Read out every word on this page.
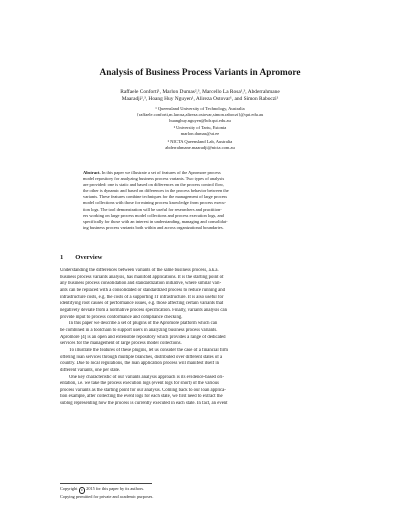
Analysis of Business Process Variants in Apromore
Raffaele Conforti¹, Marlon Dumas²,³, Marcello La Rosa¹,³, Abderrahmane
Maaradji²,³, Hoang Huy Nguyen¹, Alireza Ostovar¹, and Simon Raboczi¹
¹ Queensland University of Technology, Australia
{raffaele.conforti,m.larosa,alireza.ostovar,simon.raboczi}@qut.edu.au
huanghuy.nguyen@hdr.qut.edu.au
² University of Tartu, Estonia
marlon.dumas@ut.ee
³ NICTA Queensland Lab, Australia
abderrahmane.maaradji@nicta.com.au
Abstract. In this paper we illustrate a set of features of the Apromore process
model repository for analyzing business process variants. Two types of analysis
are provided: one is static and based on differences on the process control flow,
the other is dynamic and based on differences in the process behavior between the
variants. These features combine techniques for the management of large process
model collections with those for mining process knowledge from process execu-
tion logs. The tool demonstration will be useful for researchers and practition-
ers working on large process model collections and process execution logs, and
specifically for those with an interest in understanding, managing and consolidat-
ing business process variants both within and across organizational boundaries.
1 Overview
Understanding the differences between variants of the same business process, a.k.a.
business process variants analysis, has manifold applications. It is the starting point of
any business process consolidation and standardization initiative, where similar vari-
ants can be replaced with a consolidated or standardized process to reduce running and
infrastructure costs, e.g. the costs of a supporting IT infrastructure. It is also useful for
identifying root causes of performance issues, e.g. those affecting certain variants that
negatively deviate from a normative process specification. Finally, variants analysis can
provide input to process conformance and compliance checking.
In this paper we describe a set of plugins of the Apromore platform which can
be combined in a toolchain to support users in analyzing business process variants.
Apromore [4] is an open and extensible repository which provides a range of dedicated
services for the management of large process model collections.
To illustrate the features of these plugins, let us consider the case of a financial firm
offering loan services through multiple branches, distributed over different states of a
country. Due to local regulations, the loan application process will manifest itself in
different variants, one per state.
One key characteristic of our variants analysis approach is its evidence-based ori-
entation, i.e. we take the process execution logs (event logs for short) of the various
process variants as the starting point for our analysis. Coming back to our loan applica-
tion example, after collecting the event logs for each state, we first need to extract the
sublog representing how the process is currently executed in each state. In fact, an event
Copyright c 2015 for this paper by its authors.
Copying permitted for private and academic purposes.
